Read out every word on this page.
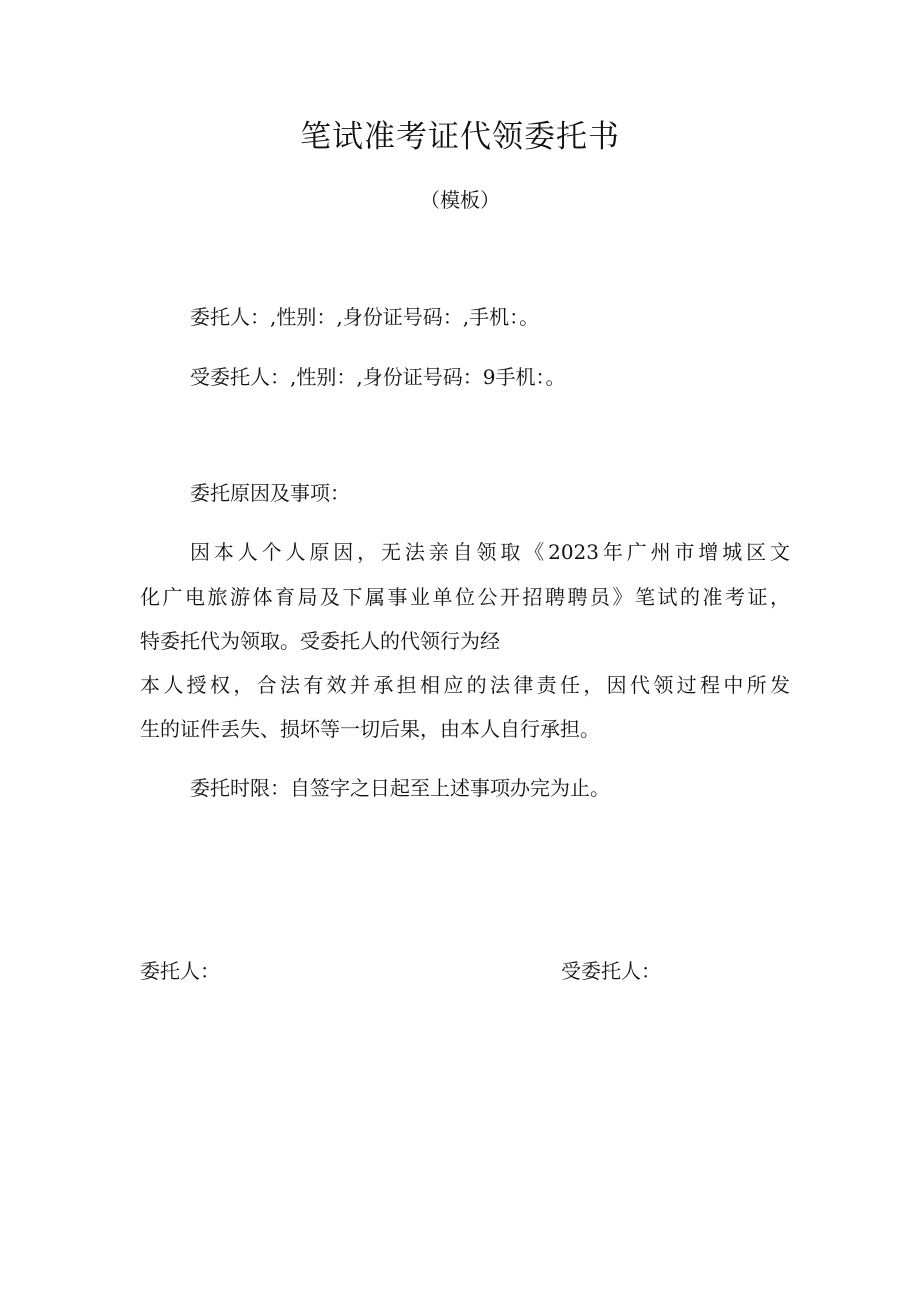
笔试准考证代领委托书
（模板）
委托人：,性别：,身份证号码：,手机：。
受委托人：,性别：,身份证号码：9手机：。
委托原因及事项：
因本人个人原因，无法亲自领取《2023年广州市增城区文
化广电旅游体育局及下属事业单位公开招聘聘员》笔试的准考证，
特委托代为领取。受委托人的代领行为经
本人授权，合法有效并承担相应的法律责任，因代领过程中所发
生的证件丢失、损坏等一切后果，由本人自行承担。
委托时限：自签字之日起至上述事项办完为止。
委托人：	受委托人：
